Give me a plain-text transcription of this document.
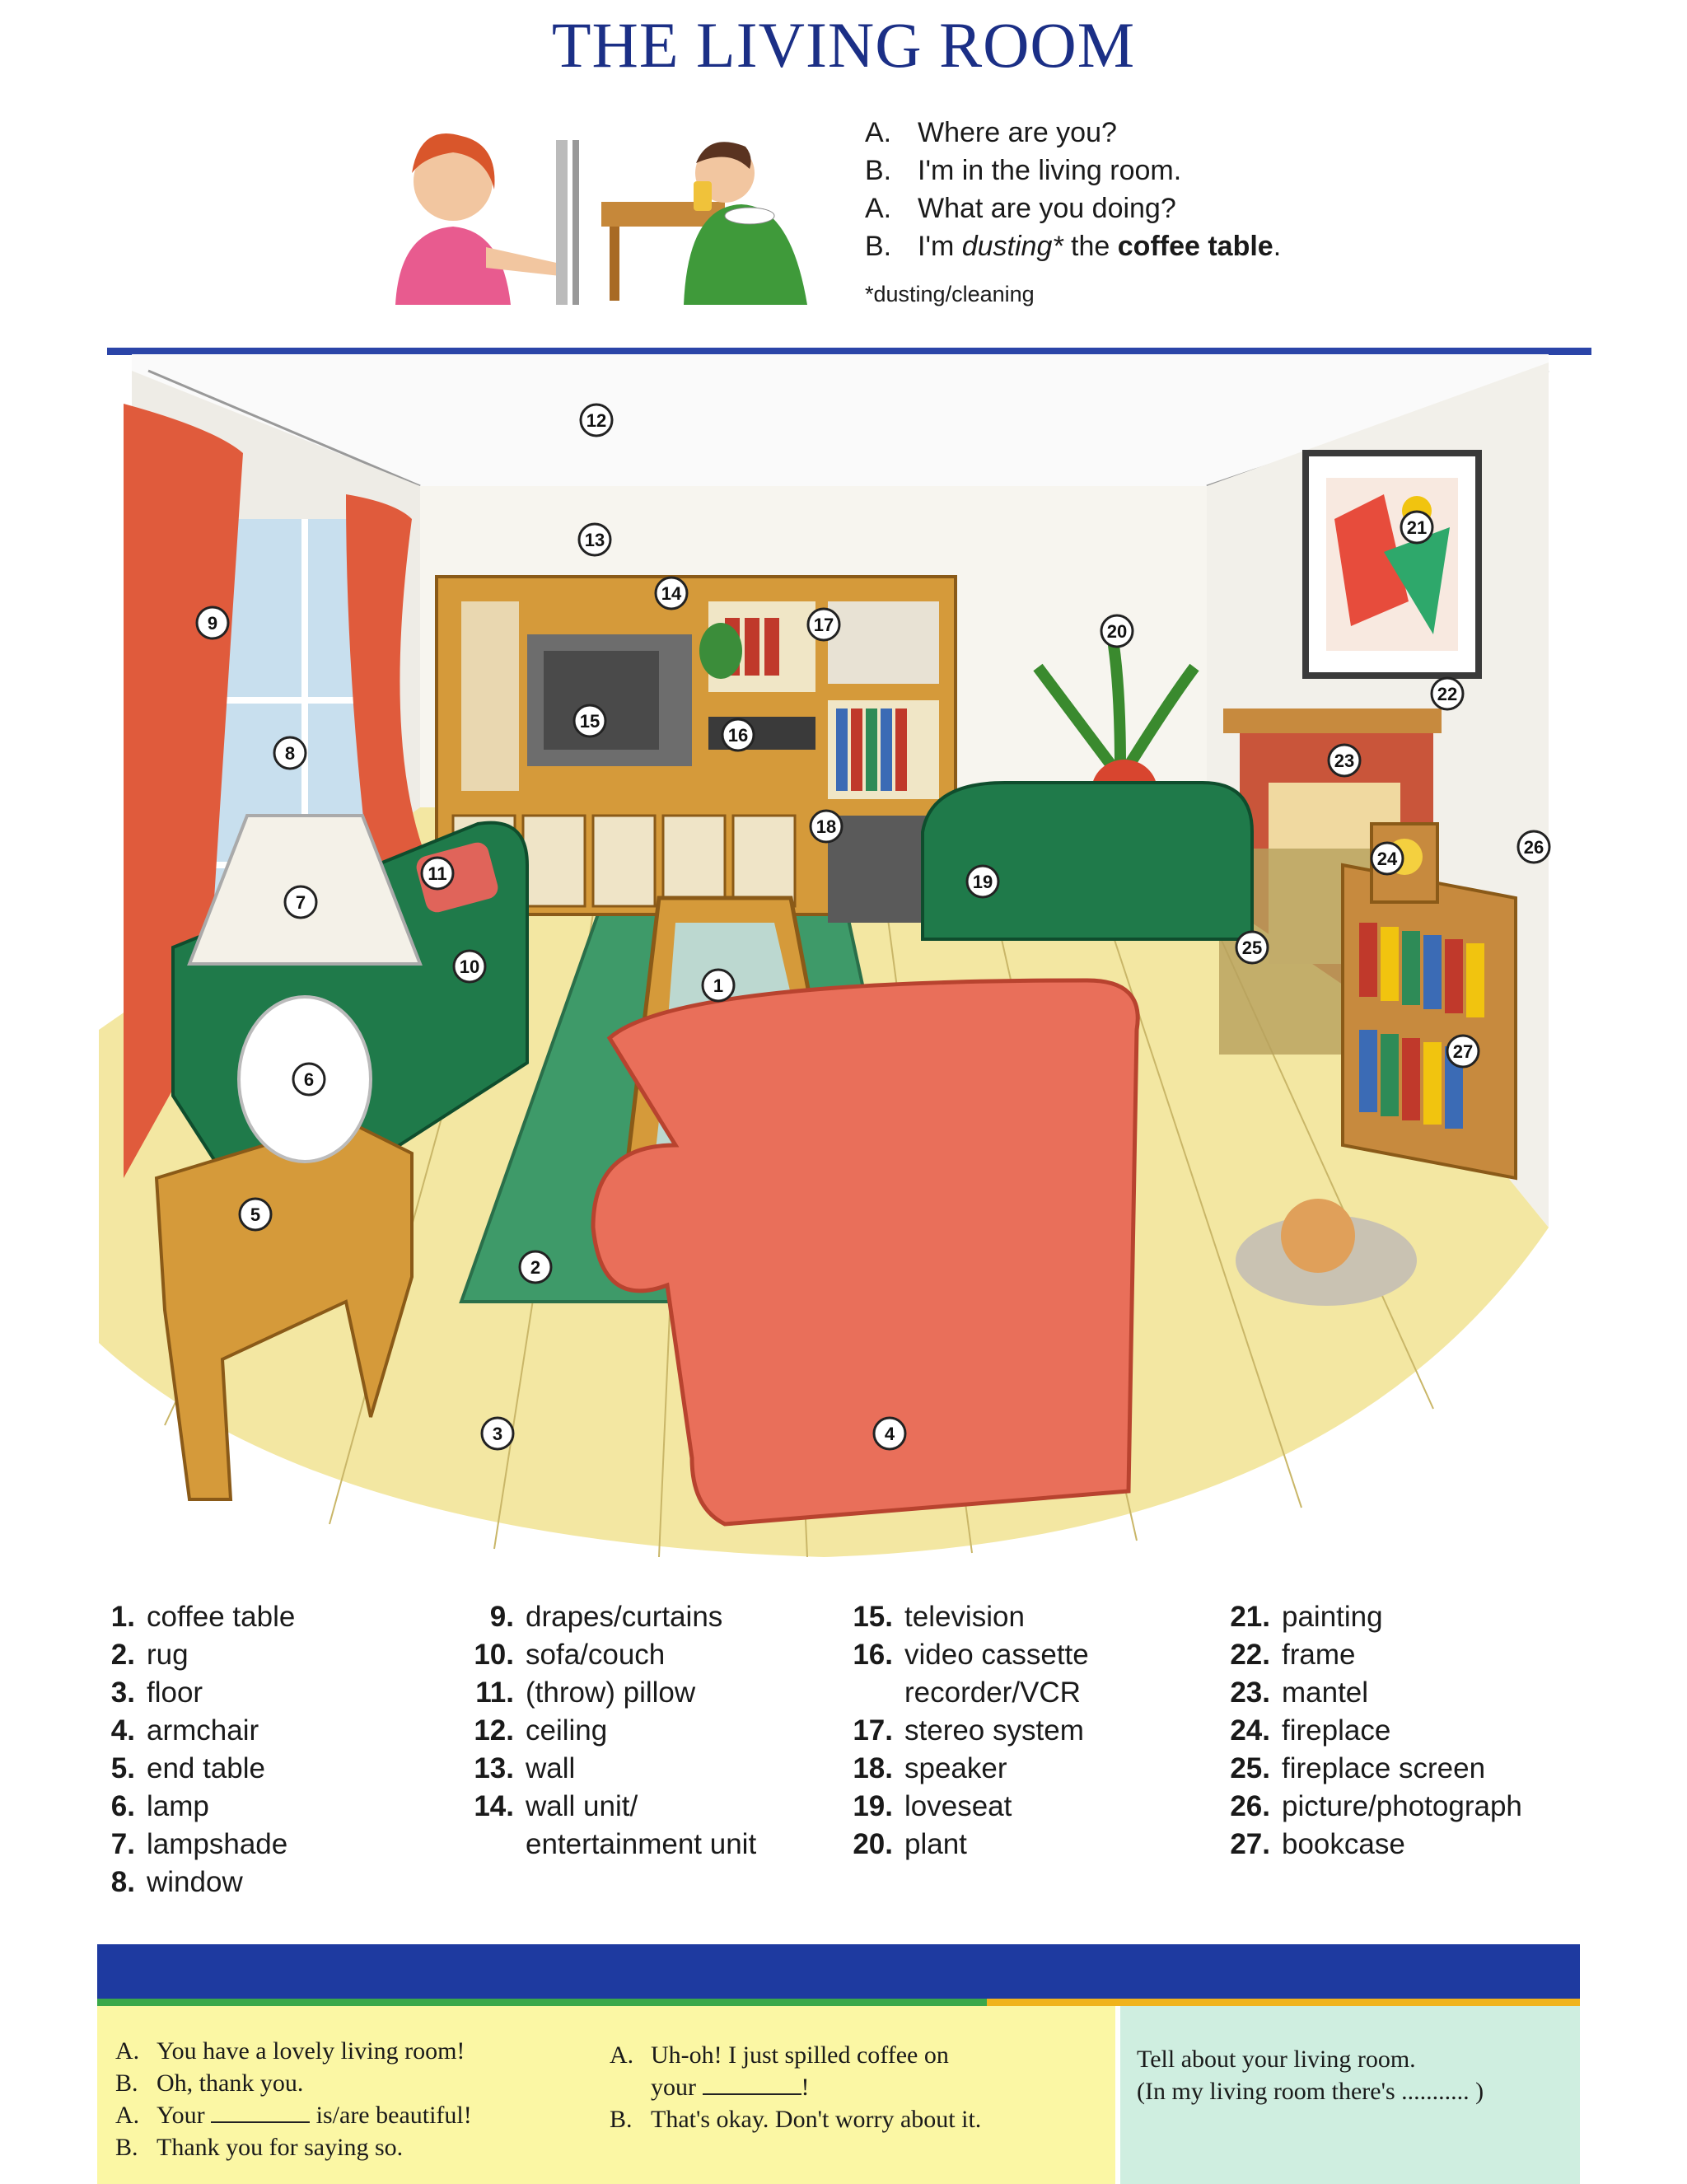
THE LIVING ROOM
A. Where are you?
B. I'm in the living room.
A. What are you doing?
B. I'm dusting* the coffee table.
*dusting/cleaning
1
2
3	4
5
6
7
8
9
10
11
12
13
14
15
16
17
18
19
20
21
22
23
24
25
26
27
1. coffee table
2. rug
3. floor
4. armchair
5. end table
6. lamp
7. lampshade
8. window
9. drapes/curtains
10. sofa/couch
11. (throw) pillow
12. ceiling
13. wall
14. wall unit/
entertainment unit
15. television
16. video cassette
recorder/VCR
17. stereo system
18. speaker
19. loveseat
20. plant
21. painting
22. frame
23. mantel
24. fireplace
25. fireplace screen
26. picture/photograph
27. bookcase
A. You have a lovely living room!
B. Oh, thank you.
A. Your	is/are beautiful!
B. Thank you for saying so.
A. Uh-oh! I just spilled coffee on
your	!
B. That's okay. Don't worry about it.
Tell about your living room.
(In my living room there's ........... )
